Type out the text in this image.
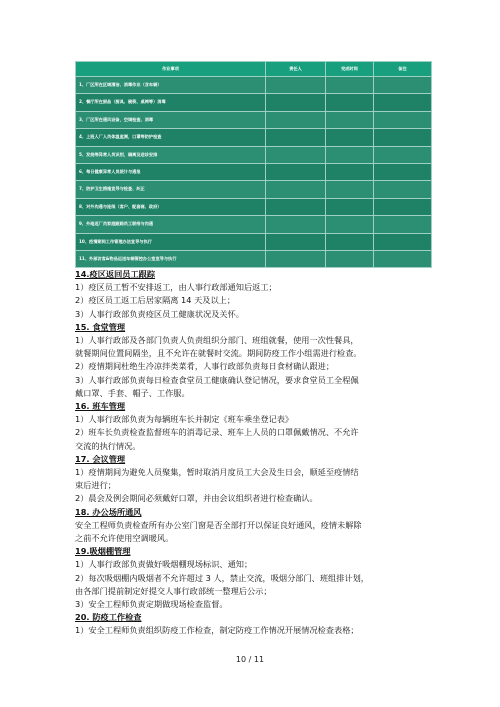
作业事项	责任人	完成时间	备注
1、厂区所在区域清洁、消毒作业（含车辆）			
2、餐厅所在厨品（厨具、碗筷、桌椅等）消毒			
3、厂区所在通风设备，空调检查、消毒			
4、上班人厂人员体温监测，口罩等防护检查			
5、发烧等异常人员识别，隔离及送诊安排			
6、每日健康异常人员统计与通报			
7、防护卫生措施宣导与检查、纠正			
8、对外沟通与连续（客户、配套商、政府）			
9、外地返厂员家庭跟踪员工联络与沟通			
10、疫情期间工作管理办法宣导与执行			
11、外部访客&物品运送车辆管控办公室宣导与执行			

14.疫区返回员工跟踪

1）疫区员工暂不安排返工，由人事行政部通知后返工；

2）疫区员工返工后居家隔离 14 天及以上；

3）人事行政部负责疫区员工健康状况及关怀。

15. 食堂管理

1）人事行政部及各部门负责人负责组织分部门、班组就餐，使用一次性餐具，

就餐期间位置间隔坐，且不允许在就餐时交流。期间防疫工作小组需进行检查。

2）疫情期间杜绝生冷凉拌类菜肴，人事行政部负责每日食材确认跟进；

3）人事行政部负责每日检查食堂员工健康确认登记情况，要求食堂员工全程佩

戴口罩、手套、帽子、工作服。

16. 班车管理

1）人事行政部负责为每辆班车长并制定《班车乘坐登记表》

2）班车长负责检查监督班车的消毒记录、班车上人员的口罩佩戴情况、不允许

交流的执行情况。

17. 会议管理

1）疫情期间为避免人员聚集，暂时取消月度员工大会及生日会，顺延至疫情结

束后进行；

2）晨会及例会期间必须戴好口罩，并由会议组织者进行检查确认。

18. 办公场所通风

安全工程师负责检查所有办公室门窗是否全部打开以保证良好通风，疫情未解除

之前不允许使用空调暖风。

19.吸烟棚管理

1）人事行政部负责做好吸烟棚现场标识、通知；

2）每次吸烟棚内吸烟者不允许超过 3 人，禁止交流，吸烟分部门、班组排计划，

由各部门提前制定好提交人事行政部统一整理后公示；

3）安全工程师负责定期做现场检查监督。

20. 防疫工作检查

1）安全工程师负责组织防疫工作检查，制定防疫工作情况开展情况检查表格；

10 / 11
